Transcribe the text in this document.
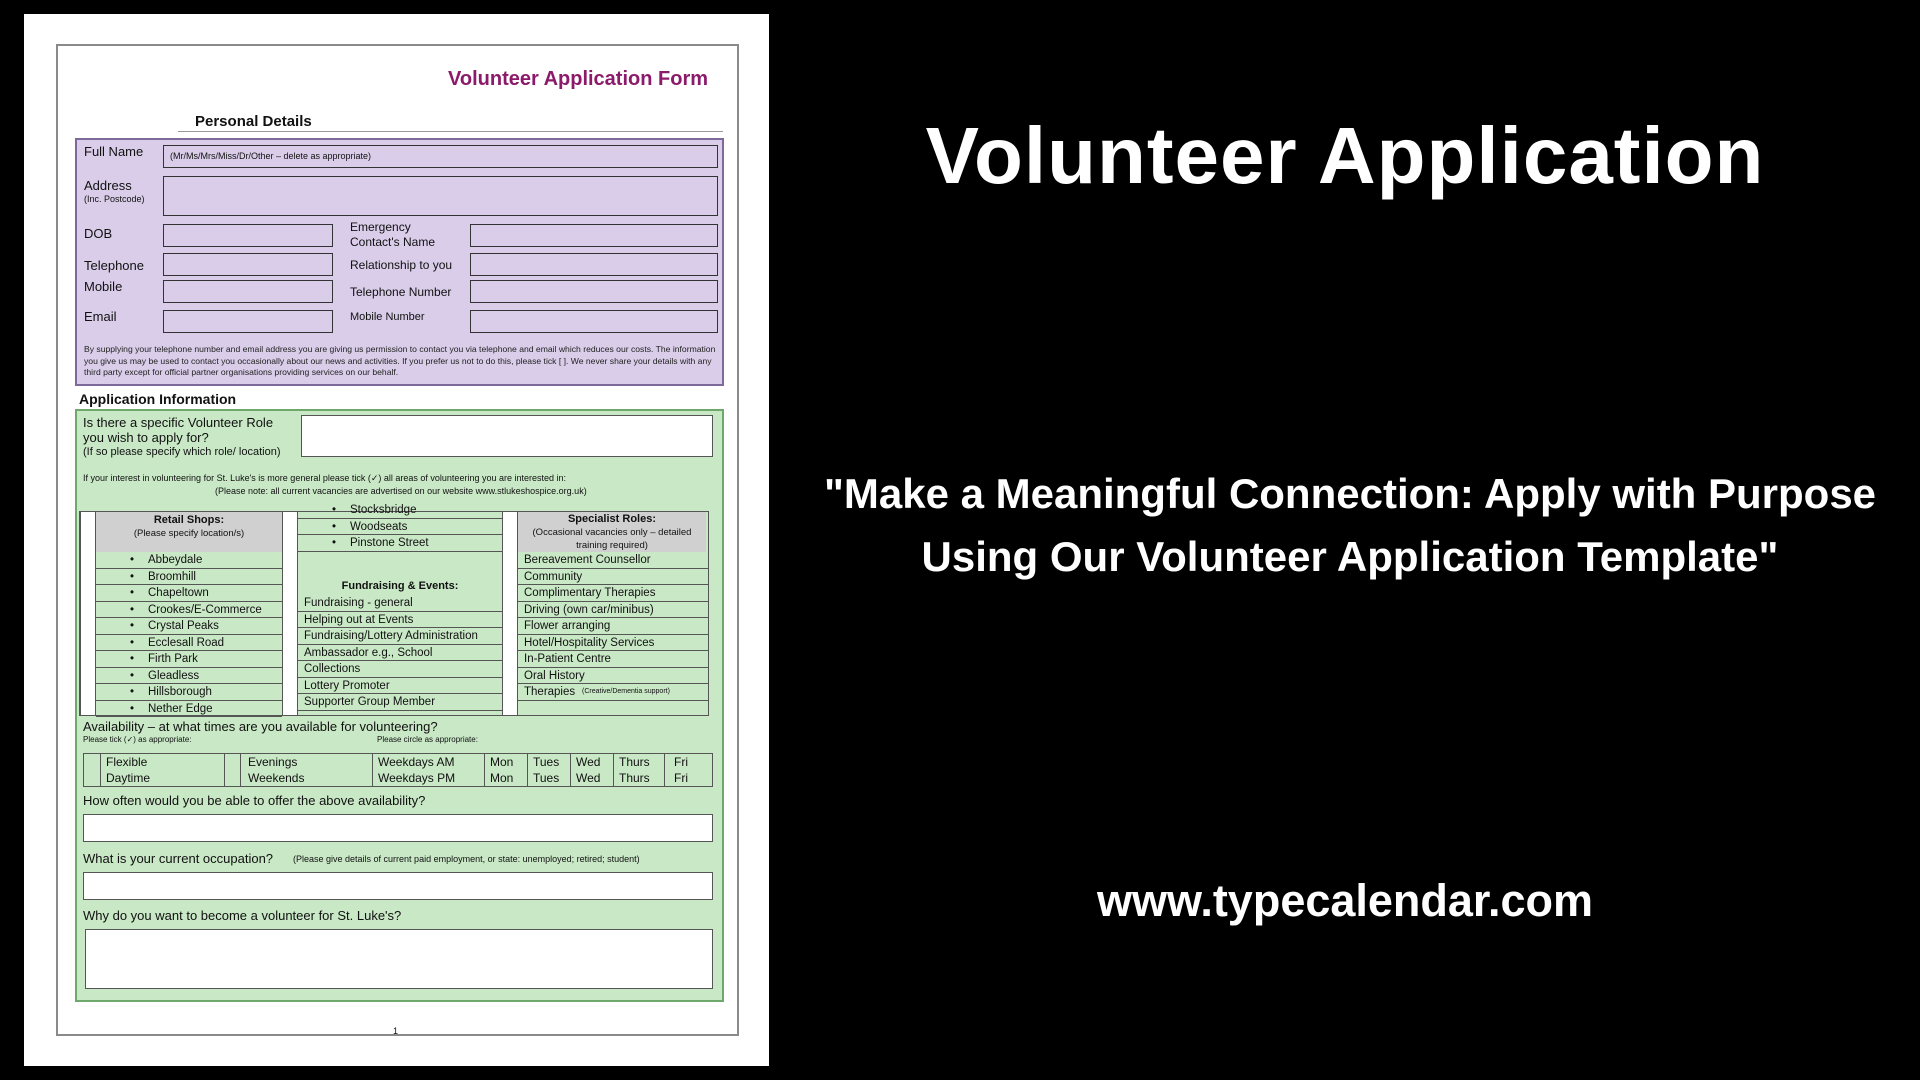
Volunteer Application Form
Personal Details
Full Name	(Mr/Ms/Mrs/Miss/Dr/Other – delete as appropriate)
Address
(Inc. Postcode)
DOB
Telephone
Mobile
Email
Emergency
Contact's Name
Relationship to you
Telephone Number
Mobile Number
By supplying your telephone number and email address you are giving us permission to contact you via telephone and email which reduces our costs. The information you give us may be used to contact you occasionally about our news and activities. If you prefer us not to do this, please tick [ ]. We never share your details with any third party except for official partner organisations providing services on our behalf.
Application Information
Is there a specific Volunteer Role
you wish to apply for?
(If so please specify which role/ location)
If your interest in volunteering for St. Luke's is more general please tick (✓) all areas of volunteering you are interested in:
(Please note: all current vacancies are advertised on our website www.stlukeshospice.org.uk)
Retail Shops:
(Please specify location/s)
• Abbeydale
• Broomhill
• Chapeltown
• Crookes/E-Commerce
• Crystal Peaks
• Ecclesall Road
• Firth Park
• Gleadless
• Hillsborough
• Nether Edge
• Stocksbridge
• Woodseats
• Pinstone Street
Fundraising & Events:
Fundraising - general
Helping out at Events
Fundraising/Lottery Administration
Ambassador e.g., School
Collections
Lottery Promoter
Supporter Group Member
Specialist Roles:
(Occasional vacancies only – detailed training required)
Bereavement Counsellor
Community
Complimentary Therapies
Driving (own car/minibus)
Flower arranging
Hotel/Hospitality Services
In-Patient Centre
Oral History
Therapies (Creative/Dementia support)
Availability – at what times are you available for volunteering?
Please tick (✓) as appropriate:	Please circle as appropriate:
Flexible	Evenings	Weekdays AM	Mon Tues Wed Thurs Fri
Daytime	Weekends	Weekdays PM	Mon Tues Wed Thurs Fri
How often would you be able to offer the above availability?
What is your current occupation? (Please give details of current paid employment, or state: unemployed; retired; student)
Why do you want to become a volunteer for St. Luke's?
1
Volunteer Application
"Make a Meaningful Connection: Apply with Purpose Using Our Volunteer Application Template"
www.typecalendar.com
